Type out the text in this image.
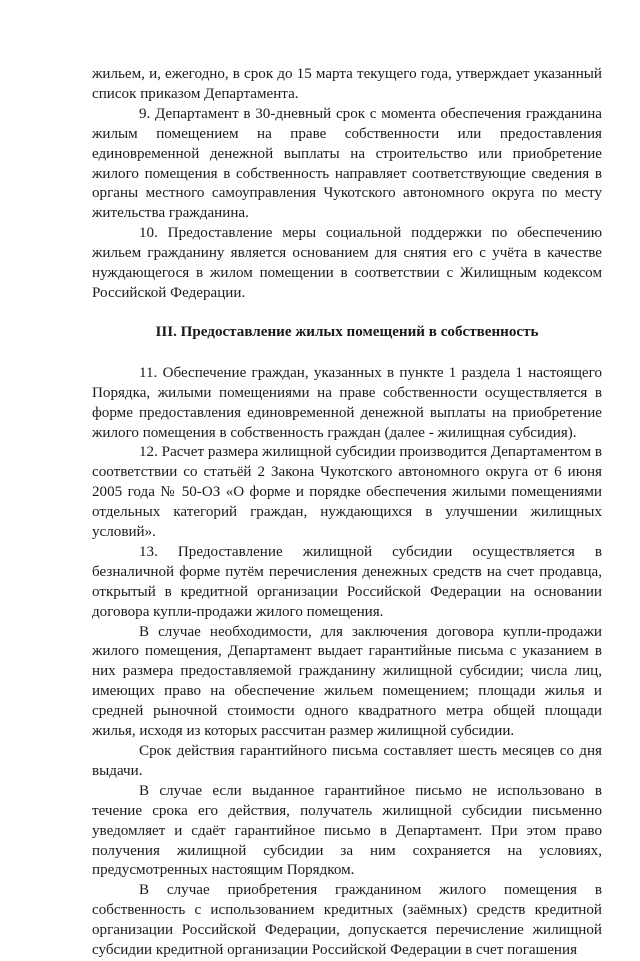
жильем, и, ежегодно, в срок до 15 марта текущего года, утверждает указанный список приказом Департамента.

9. Департамент в 30-дневный срок с момента обеспечения гражданина жилым помещением на праве собственности или предоставления единовременной денежной выплаты на строительство или приобретение жилого помещения в собственность направляет соответствующие сведения в органы местного самоуправления Чукотского автономного округа по месту жительства гражданина.

10. Предоставление меры социальной поддержки по обеспечению жильем гражданину является основанием для снятия его с учёта в качестве нуждающегося в жилом помещении в соответствии с Жилищным кодексом Российской Федерации.

III. Предоставление жилых помещений в собственность

11. Обеспечение граждан, указанных в пункте 1 раздела 1 настоящего Порядка, жилыми помещениями на праве собственности осуществляется в форме предоставления единовременной денежной выплаты на приобретение жилого помещения в собственность граждан (далее - жилищная субсидия).

12. Расчет размера жилищной субсидии производится Департаментом в соответствии со статьёй 2 Закона Чукотского автономного округа от 6 июня 2005 года № 50-ОЗ «О форме и порядке обеспечения жилыми помещениями отдельных категорий граждан, нуждающихся в улучшении жилищных условий».

13. Предоставление жилищной субсидии осуществляется в безналичной форме путём перечисления денежных средств на счет продавца, открытый в кредитной организации Российской Федерации на основании договора купли-продажи жилого помещения.

В случае необходимости, для заключения договора купли-продажи жилого помещения, Департамент выдает гарантийные письма с указанием в них размера предоставляемой гражданину жилищной субсидии; числа лиц, имеющих право на обеспечение жильем помещением; площади жилья и средней рыночной стоимости одного квадратного метра общей площади жилья, исходя из которых рассчитан размер жилищной субсидии.

Срок действия гарантийного письма составляет шесть месяцев со дня выдачи.

В случае если выданное гарантийное письмо не использовано в течение срока его действия, получатель жилищной субсидии письменно уведомляет и сдаёт гарантийное письмо в Департамент. При этом право получения жилищной субсидии за ним сохраняется на условиях, предусмотренных настоящим Порядком.

В случае приобретения гражданином жилого помещения в собственность с использованием кредитных (заёмных) средств кредитной организации Российской Федерации, допускается перечисление жилищной субсидии кредитной организации Российской Федерации в счет погашения
